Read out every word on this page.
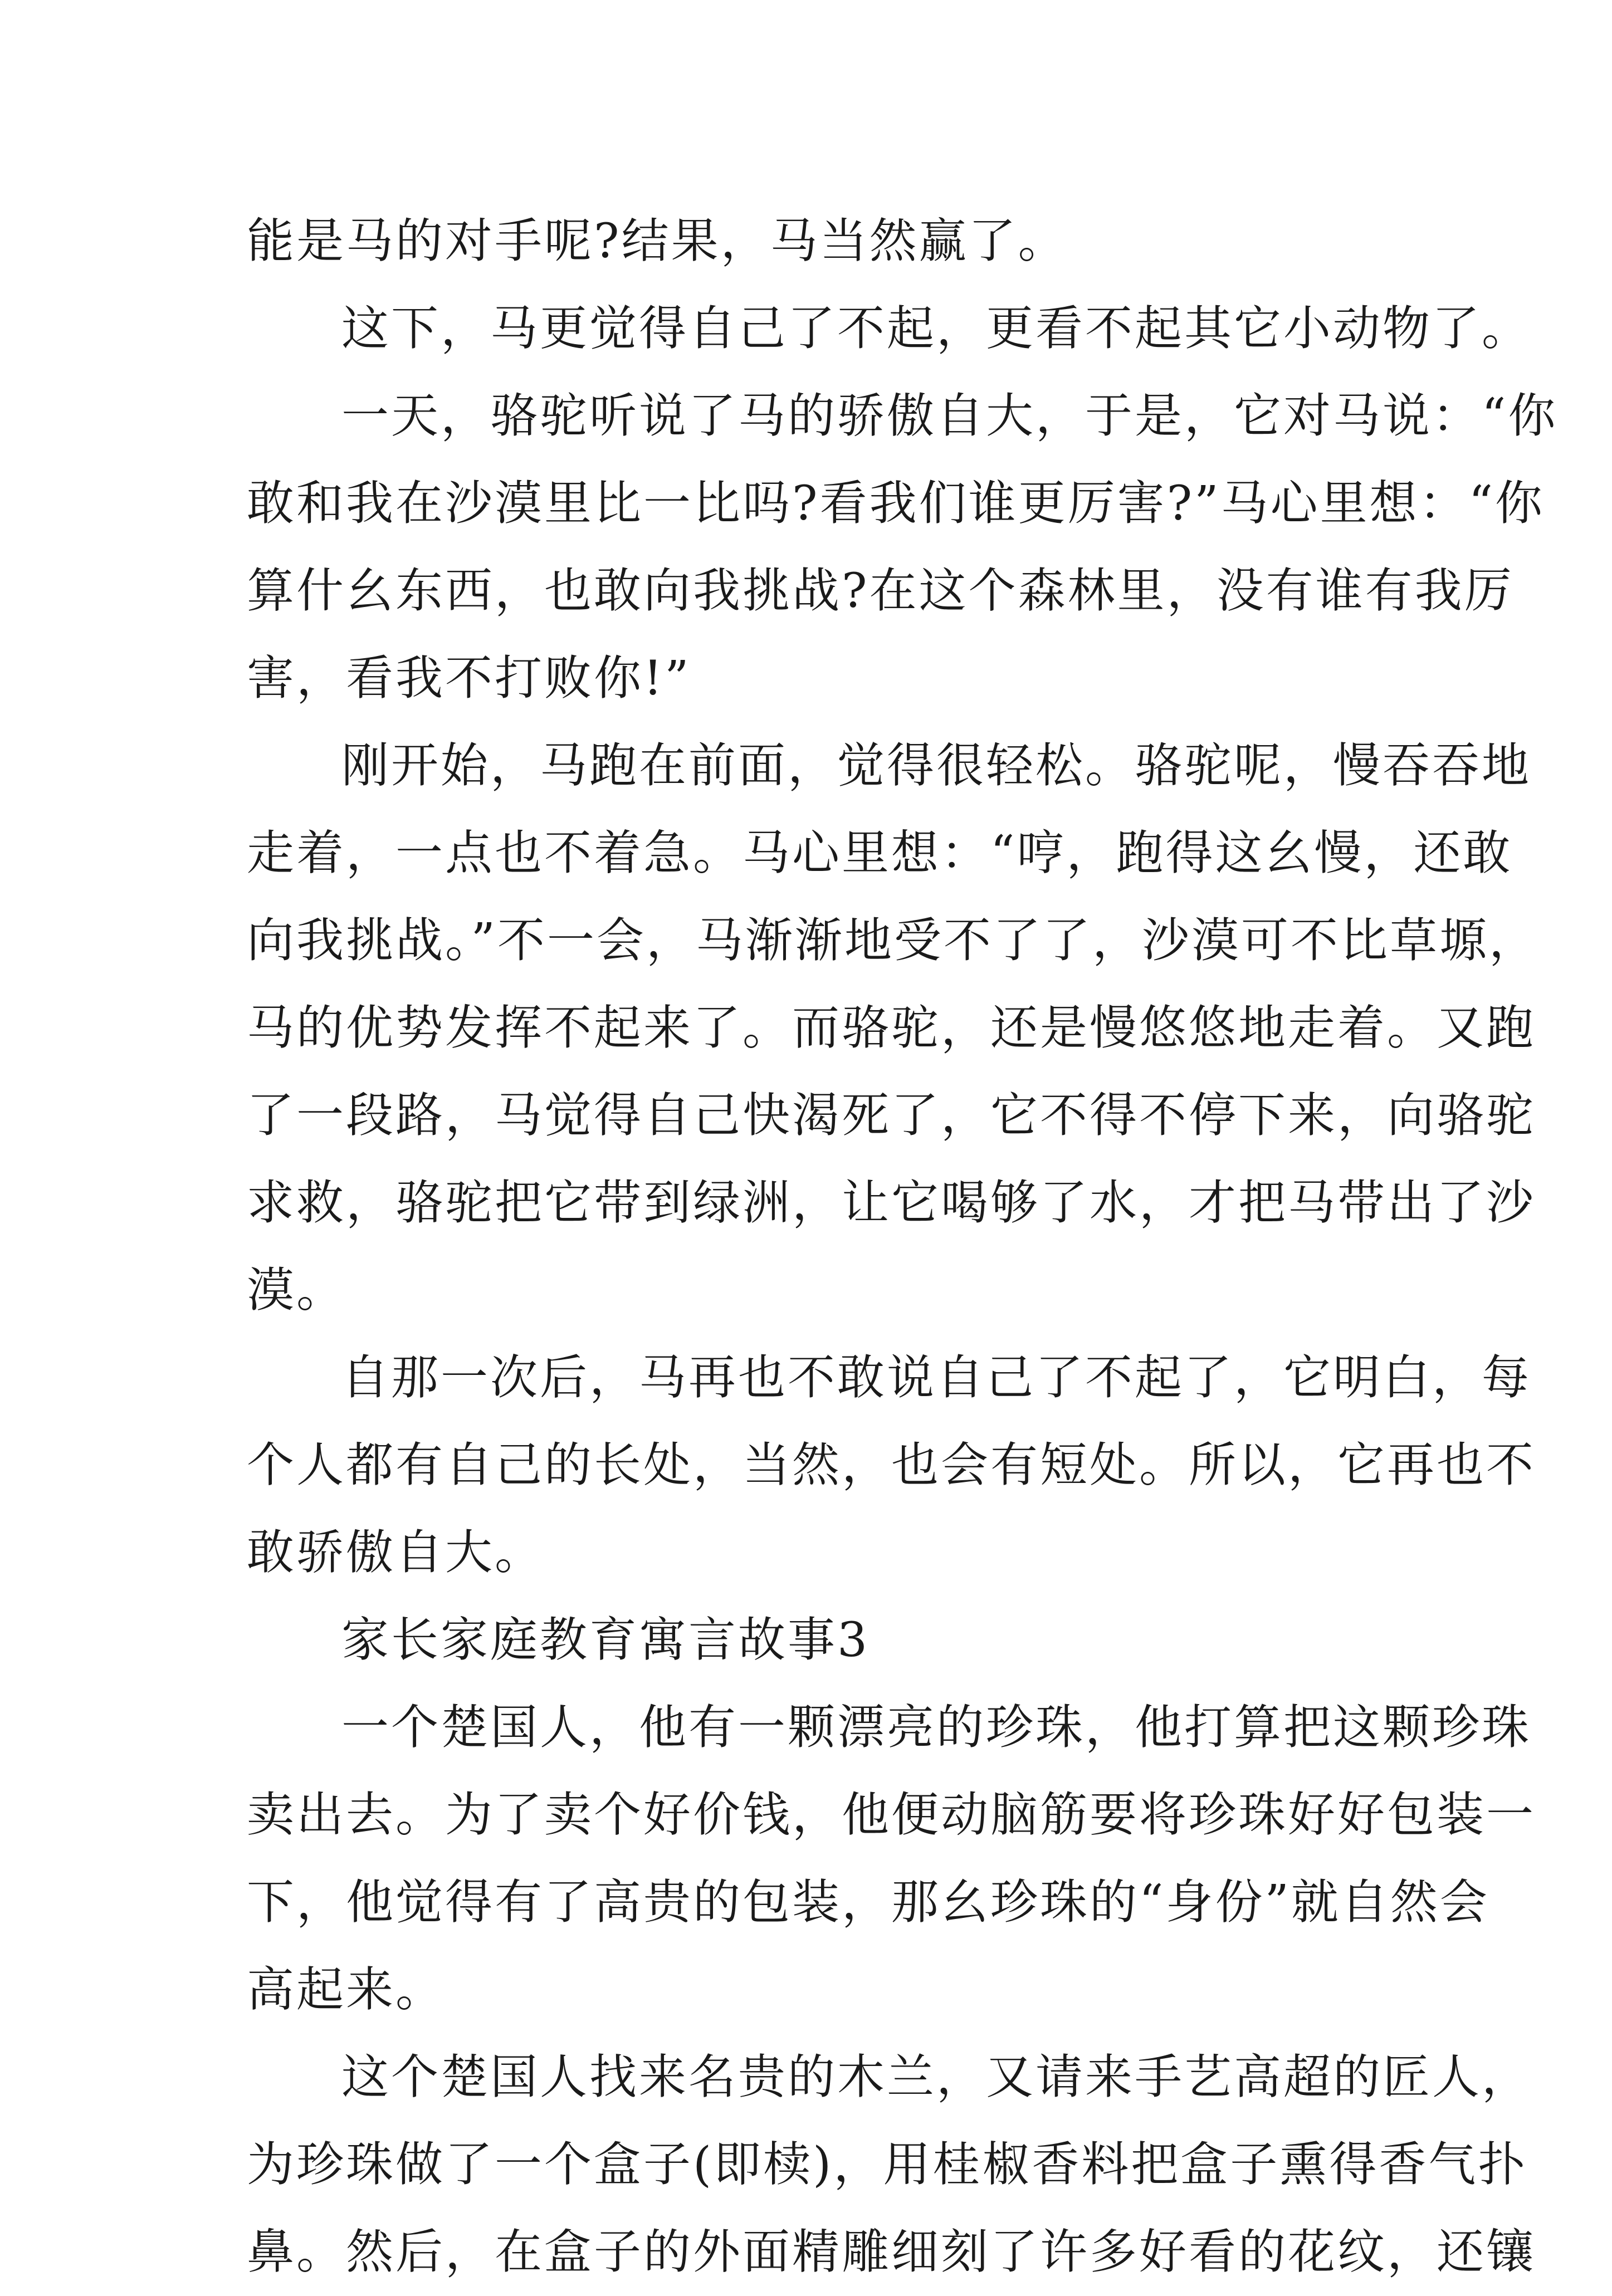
能是马的对手呢?结果，马当然赢了。
这下，马更觉得自己了不起，更看不起其它小动物了。
一天，骆驼听说了马的骄傲自大，于是，它对马说：“你
敢和我在沙漠里比一比吗?看我们谁更厉害?”马心里想：“你
算什幺东西，也敢向我挑战?在这个森林里，没有谁有我厉
害，看我不打败你!”
刚开始，马跑在前面，觉得很轻松。骆驼呢，慢吞吞地
走着，一点也不着急。马心里想：“哼，跑得这幺慢，还敢
向我挑战。”不一会，马渐渐地受不了了，沙漠可不比草塬，
马的优势发挥不起来了。而骆驼，还是慢悠悠地走着。又跑
了一段路，马觉得自己快渴死了，它不得不停下来，向骆驼
求救，骆驼把它带到绿洲，让它喝够了水，才把马带出了沙
漠。
自那一次后，马再也不敢说自己了不起了，它明白，每
个人都有自己的长处，当然，也会有短处。所以，它再也不
敢骄傲自大。
家长家庭教育寓言故事3
一个楚国人，他有一颗漂亮的珍珠，他打算把这颗珍珠
卖出去。为了卖个好价钱，他便动脑筋要将珍珠好好包装一
下，他觉得有了高贵的包装，那幺珍珠的“身份”就自然会
高起来。
这个楚国人找来名贵的木兰，又请来手艺高超的匠人，
为珍珠做了一个盒子(即椟)，用桂椒香料把盒子熏得香气扑
鼻。然后，在盒子的外面精雕细刻了许多好看的花纹，还镶
